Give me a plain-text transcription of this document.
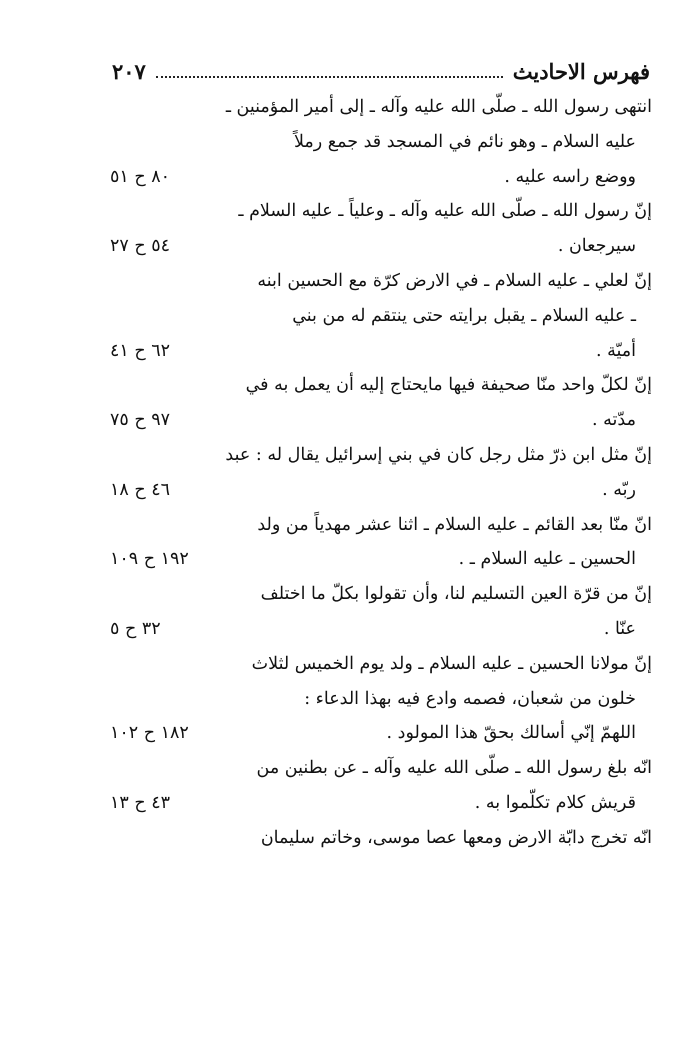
فهرس الاحاديث
٢٠٧
انتهى رسول الله ـ صلّى الله عليه وآله ـ إلى أمير المؤمنين ـ
عليه السلام ـ وهو نائم في المسجد قد جمع رملاً
ووضع راسه عليه .
٨٠ ح ٥١
إنّ رسول الله ـ صلّى الله عليه وآله ـ وعلياً ـ عليه السلام ـ
سيرجعان .
٥٤ ح ٢٧
إنّ لعلي ـ عليه السلام ـ في الارض كرّة مع الحسين ابنه
ـ عليه السلام ـ يقبل برايته حتى ينتقم له من بني
أميّة .
٦٢ ح ٤١
إنّ لكلّ واحد منّا صحيفة فيها مايحتاج إليه أن يعمل به في
مدّته .
٩٧ ح ٧٥
إنّ مثل ابن ذرّ مثل رجل كان في بني إسرائيل يقال له : عبد
ربّه .
٤٦ ح ١٨
انّ منّا بعد القائم ـ عليه السلام ـ اثنا عشر مهدياً من ولد
الحسين ـ عليه السلام ـ .
١٩٢ ح ١٠٩
إنّ من قرّة العين التسليم لنا، وأن تقولوا بكلّ ما اختلف
عنّا .
٣٢ ح ٥
إنّ مولانا الحسين ـ عليه السلام ـ ولد يوم الخميس لثلاث
خلون من شعبان، فصمه وادع فيه بهذا الدعاء :
اللهمّ إنّي أسالك بحقّ هذا المولود .
١٨٢ ح ١٠٢
انّه بلغ رسول الله ـ صلّى الله عليه وآله ـ عن بطنين من
قريش كلام تكلّموا به .
٤٣ ح ١٣
انّه تخرج دابّة الارض ومعها عصا موسى، وخاتم سليمان
